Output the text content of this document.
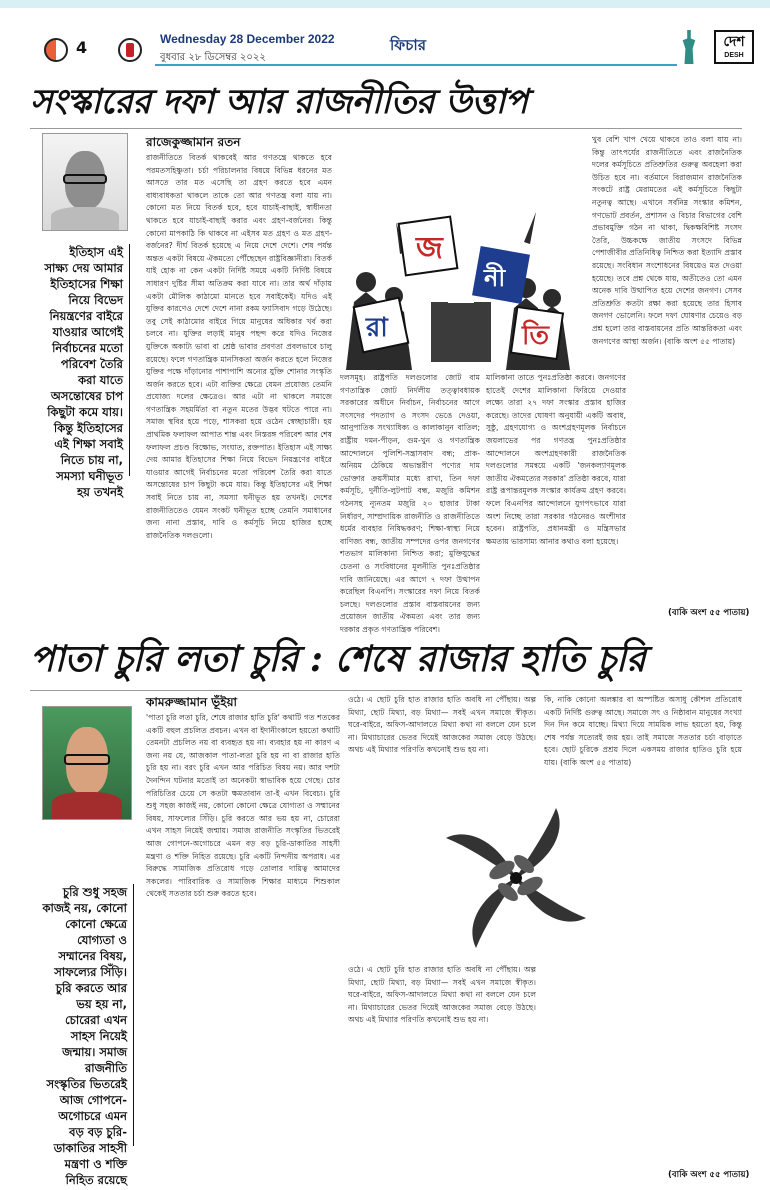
4	Wednesday 28 December 2022
বুধবার ২৮ ডিসেম্বর ২০২২
ফিচার	দেশ
DESH
সংস্কারের দফা আর রাজনীতির উত্তাপ
ইতিহাস এই সাক্ষ্য দেয় আমার ইতিহাসের শিক্ষা নিয়ে বিভেদ নিয়ন্ত্রণের বাইরে যাওয়ার আগেই নির্বাচনের মতো পরিবেশ তৈরি করা যাতে অসন্তোষের চাপ কিছুটা কমে যায়। কিন্তু ইতিহাসের এই শিক্ষা সবাই নিতে চায় না, সমস্যা ঘনীভূত হয় তখনই
রাজেকুজ্জামান রতন
রাজনীতিতে বিতর্ক থাকবেই আর গণতন্ত্রে থাকতে হবে পরমতসহিষ্ণুতা। চর্চা পরিচালনার বিষয়ে বিভিন্ন ধরনের মত আসতে তার মত এসেছি তা গ্রহণ করতে হবে এমন বাধ্যবাধকতা থাকলে তাকে তো আর গণতন্ত্র বলা যায় না। কোনো মত নিয়ে বিতর্ক হবে, হবে যাচাই-বাছাই, স্বাধীনতা থাকতে হবে যাচাই-বাছাই করার এবং গ্রহণ-বর্জনের। কিন্তু কোনো মাপকাঠি কি থাকবে না এইসব মত গ্রহণ ও মত গ্রহণ-বর্জনের? দীর্ঘ বিতর্ক হয়েছে এ নিয়ে দেশে দেশে। শেষ পর্যন্ত অন্তত একটা বিষয়ে ঐকমত্যে পৌঁছেছেন রাষ্ট্রবিজ্ঞানীরা। বিতর্ক যাই হোক না কেন একটা নির্দিষ্ট সময়ে একটি নির্দিষ্ট বিষয়ে সাধারণ দুষ্টির সীমা অতিক্রম করা যাবে না। তার অর্থ দাঁড়ায় একটা মৌলিক কাঠামো মানতে হবে সবাইকেই। যদিও এই যুক্তির কারণেও দেশে দেশে নানা রকম ফ্যাসিবাদ গড়ে উঠেছে। তবু সেই কাঠামোর বাইরে গিয়ে মানুষের অধিকার খর্ব করা চলবে না। যুক্তির লড়াই মানুষ পছন্দ করে যদিও নিজের যুক্তিকে অকাট্য ভাবা বা শ্রেষ্ঠ ভাবার প্রবণতা প্রবলভাবে চালু রয়েছে। ফলে গণতান্ত্রিক মানসিকতা অর্জন করতে হলে নিজের যুক্তির পক্ষে দাঁড়ানোর পাশাপাশি অন্যের যুক্তি শোনার সংস্কৃতি অর্জন করতে হবে। এটা ব্যক্তির ক্ষেত্রে যেমন প্রযোজ্য তেমনি প্রযোজ্য দলের ক্ষেত্রেও। আর এটা না থাকলে সমাজে গণতান্ত্রিক সহমর্মিতা বা নতুন মতের উদ্ভব ঘটতে পারে না। সমাজ স্থবির হয়ে পড়ে, শাসকরা হয়ে ওঠেন স্বেচ্ছাচারী। হয় প্রাথমিক ফলাফল আপাত শান্ত এবং নিস্তরঙ্গ পরিবেশ আর শেষ ফলাফল প্রচণ্ড বিক্ষোভ, সংঘাত, রক্তপাত। ইতিহাস এই সাক্ষ্য দেয় আমার ইতিহাসের শিক্ষা নিয়ে বিভেদ নিয়ন্ত্রণের বাইরে যাওয়ার আগেই নির্বাচনের মতো পরিবেশ তৈরি করা যাতে অসন্তোষের চাপ কিছুটা কমে যায়। কিন্তু ইতিহাসের এই শিক্ষা সবাই নিতে চায় না, সমস্যা ঘনীভূত হয় তখনই। দেশের রাজনীতিতেও যেমন সংকট ঘনীভূত হচ্ছে তেমনি সমাধানের জন্য নানা প্রস্তাব, দাবি ও কর্মসূচি নিয়ে হাজির হচ্ছে রাজনৈতিক দলগুলো।
দলসমূহ। রাষ্ট্রপতি দলগুলোর জোট বাম গণতান্ত্রিক জোট নির্দলীয় তত্ত্বাবধায়ক সরকারের অধীনে নির্বাচন, নির্বাচনের আগে সংসদের পদত্যাগ ও সংসদ ভেঙে দেওয়া, আনুপাতিক সংখ্যাধিক্য ও কালাকানুন বাতিল; রাষ্ট্রীয় দমন-পীড়ন, গুম-খুন ও গণতান্ত্রিক আন্দোলনে পুলিশি-সন্ত্রাসবাদ বন্ধ; প্রাক-অনিয়ম ঠেকিয়ে অভ্যন্তরীণ পণ্যের দাম ভোক্তার ক্রয়সীমার মধ্যে রাখা, তিন দফা কর্মসূচি, দুর্নীতি-লুটপাট বন্ধ, মজুরি কমিশন গঠনসহ ন্যূনতম মজুরি ২০ হাজার টাকা নির্ধারণ, সাম্প্রদায়িক রাজনীতি ও রাজনীতিতে ধর্মের ব্যবহার নিষিদ্ধকরণ; শিক্ষা-স্বাস্থ্য নিয়ে বাণিজ্য বন্ধ, জাতীয় সম্পদের ওপর জনগণের শতভাগ মালিকানা নিশ্চিত করা; মুক্তিযুদ্ধের চেতনা ও সংবিধানের মূলনীতি পুনঃপ্রতিষ্ঠার দাবি জানিয়েছে। এর আগে ৭ দফা উত্থাপন করেছিল বিএনপি। সংস্কারের দফা নিয়ে বিতর্ক চলছে। দলগুলোর প্রস্তাব বাস্তবায়নের জন্য প্রয়োজন জাতীয় ঐকমত্য এবং তার জন্য দরকার প্রকৃত গণতান্ত্রিক পরিবেশ।
মালিকানা তাতে পুনঃপ্রতিষ্ঠা করবে। জনগণের হাতেই দেশের মালিকানা ফিরিয়ে দেওয়ার লক্ষ্যে তারা ২৭ দফা সংস্কার প্রস্তাব হাজির করেছে। তাদের ঘোষণা অনুযায়ী একটি অবাধ, সুষ্ঠু, গ্রহণযোগ্য ও অংশগ্রহণমূলক নির্বাচনে জয়লাভের পর গণতন্ত্র পুনঃপ্রতিষ্ঠার আন্দোলনে অংশগ্রহণকারী রাজনৈতিক দলগুলোর সমন্বয়ে একটি 'জনকল্যাণমূলক জাতীয় ঐকমত্যের সরকার' প্রতিষ্ঠা করবে, যারা রাষ্ট্র রূপান্তরমূলক সংস্কার কার্যক্রম গ্রহণ করবে। ফলে বিএনপির আন্দোলনে যুগপৎভাবে যারা অংশ নিচ্ছে তারা সরকার গঠনেরও অংশীদার হবেন। রাষ্ট্রপতি, প্রধানমন্ত্রী ও মন্ত্রিসভার ক্ষমতায় ভারসাম্য আনার কথাও বলা হয়েছে।
খুব বেশি খাপ খেয়ে থাকবে তাও বলা যায় না। কিন্তু তাৎপর্যের রাজনীতিতে এবং রাজনৈতিক দলের কর্মসূচিতে প্রতিশ্রুতির গুরুত্ব অবহেলা করা উচিত হবে না। বর্তমানে বিরাজমান রাজনৈতিক সংকটে রাষ্ট্র মেরামতের এই কর্মসূচিতে কিছুটা নতুনত্ব আছে। এখানে সর্বনিম্ন সংস্কার কমিশন, গণভোট প্রবর্তন, প্রশাসন ও বিচার বিভাগের বেশি প্রভাবমুক্তি গঠন না থাকা, দ্বিকক্ষবিশিষ্ট সংসদ তৈরি, উচ্চকক্ষে জাতীয় সংসদে বিভিন্ন পেশাজীবীর প্রতিনিধিত্ব নিশ্চিত করা ইত্যাদি প্রস্তাব রয়েছে। সংবিধান সংশোধনের বিষয়েও মত দেওয়া হয়েছে। তবে প্রশ্ন থেকে যায়, অতীতেও তো এমন অনেক দাবি উত্থাপিত হয়ে দেশের জনগণ। সেসব প্রতিশ্রুতি কতটা রক্ষা করা হয়েছে তার হিসাব জনগণ ভোলেনি। ফলে দফা ঘোষণার চেয়েও বড় প্রশ্ন হলো তার বাস্তবায়নের প্রতি আন্তরিকতা এবং জনগণের আস্থা অর্জন। (বাকি অংশ ৫৫ পাতায়)
(বাকি অংশ ৫৫ পাতায়)
জ
নী
রা	তি
পাতা চুরি লতা চুরি : শেষে রাজার হাতি চুরি
চুরি শুধু সহজ কাজই নয়, কোনো কোনো ক্ষেত্রে যোগ্যতা ও সম্মানের বিষয়, সাফল্যের সিঁড়ি। চুরি করতে আর ভয় হয় না, চোরেরা এখন সাহস নিয়েই জন্মায়। সমাজ রাজনীতি সংস্কৃতির ভিতরেই আজ গোপনে-অগোচরে এমন বড় বড় চুরি-ডাকাতির সাহসী মন্ত্রণা ও শক্তি নিহিত রয়েছে
কামরুজ্জামান ভূঁইয়া
'পাতা চুরি লতা চুরি, শেষে রাজার হাতি চুরি' কথাটি গত শতকের একটি বহুল প্রচলিত প্রবচন। এখন বা ইদানীংকালে হয়তো কথাটি তেমনটা প্রচলিত নয় বা ব্যবহৃত হয় না। ব্যবহার হয় না কারণ এ জন্য নয় যে, আজকাল পাতা-লতা চুরি হয় না বা রাজার হাতি চুরি হয় না। বরং চুরি এখন আর পরিচিত বিষয় নয়। আর দশটা দৈনন্দিন ঘটনার মতোই তা অনেকটা স্বাভাবিক হয়ে গেছে। চোর পরিচিতির চেয়ে সে কতটা ক্ষমতাবান তা-ই এখন বিবেচ্য। চুরি শুধু সহজ কাজই নয়, কোনো কোনো ক্ষেত্রে যোগ্যতা ও সম্মানের বিষয়, সাফল্যের সিঁড়ি। চুরি করতে আর ভয় হয় না, চোরেরা এখন সাহস নিয়েই জন্মায়। সমাজ রাজনীতি সংস্কৃতির ভিতরেই আজ গোপনে-অগোচরে এমন বড় বড় চুরি-ডাকাতির সাহসী মন্ত্রণা ও শক্তি নিহিত রয়েছে। চুরি একটি নিন্দনীয় অপরাধ। এর বিরুদ্ধে সামাজিক প্রতিরোধ গড়ে তোলার দায়িত্ব আমাদের সকলের। পারিবারিক ও সামাজিক শিক্ষার মাধ্যমে শিশুকাল থেকেই সততার চর্চা শুরু করতে হবে।
ওঠে। এ ছোট চুরি হাত রাজার হাতি অবধি না পৌঁছায়। অল্প মিথ্যা, ছোট মিথ্যা, বড় মিথ্যা— সবই এখন সমাজে স্বীকৃত। ঘরে-বাইরে, অফিস-আদালতে মিথ্যা কথা না বললে যেন চলে না। মিথ্যাচারের ভেতর দিয়েই আজকের সমাজ বেড়ে উঠছে। অথচ এই মিথ্যার পরিণতি কখনোই শুভ হয় না।
ওঠে। এ ছোট চুরি হাত রাজার হাতি অবধি না পৌঁছায়। অল্প মিথ্যা, ছোট মিথ্যা, বড় মিথ্যা— সবই এখন সমাজে স্বীকৃত। ঘরে-বাইরে, অফিস-আদালতে মিথ্যা কথা না বললে যেন চলে না। মিথ্যাচারের ভেতর দিয়েই আজকের সমাজ বেড়ে উঠছে। অথচ এই মিথ্যার পরিণতি কখনোই শুভ হয় না।
কি, নাকি কোনো অলঙ্কার বা অস্পষ্টিত অসাধু কৌশল প্রতিরোধ একটি নির্দিষ্ট গুরুত্ব আছে। সমাজে সৎ ও নিষ্ঠাবান মানুষের সংখ্যা দিন দিন কমে যাচ্ছে। মিথ্যা দিয়ে সাময়িক লাভ হয়তো হয়, কিন্তু শেষ পর্যন্ত সত্যেরই জয় হয়। তাই সমাজে সততার চর্চা বাড়াতে হবে। ছোট চুরিকে প্রশ্রয় দিলে একসময় রাজার হাতিও চুরি হয়ে যায়। (বাকি অংশ ৫৫ পাতায়)
(বাকি অংশ ৫৫ পাতায়)
